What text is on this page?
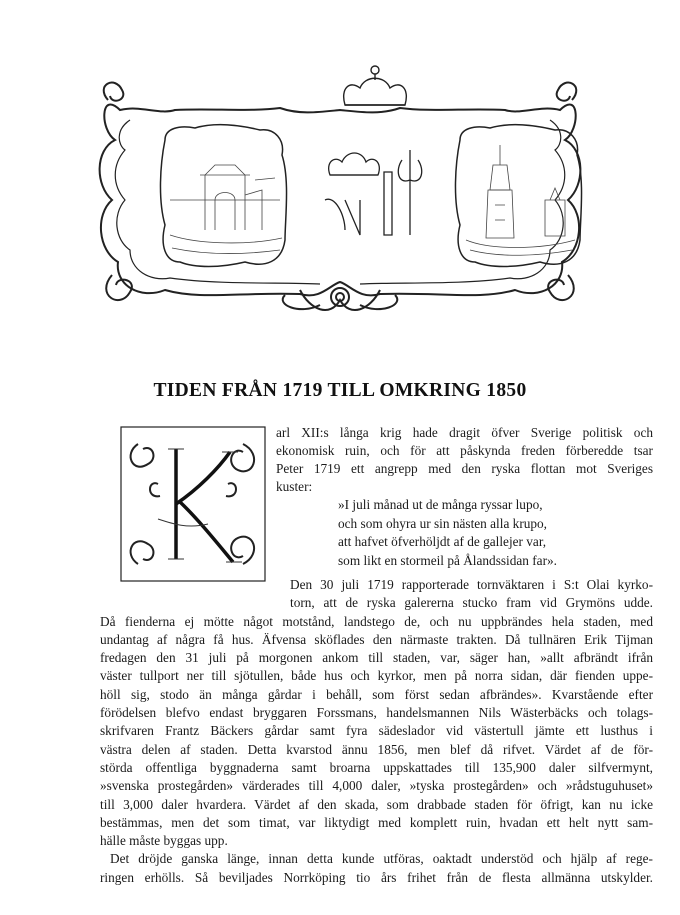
TIDEN FRÅN 1719 TILL OMKRING 1850
arl XII:s långa krig hade dragit öfver Sverige politisk och
ekonomisk ruin, och för att påskynda freden förberedde tsar
Peter 1719 ett angrepp med den ryska flottan mot Sveriges
kuster:
»I juli månad ut de många ryssar lupo,
och som ohyra ur sin nästen alla krupo,
att hafvet öfverhöljdt af de gallejer var,
som likt en stormeil på Ålandssidan far».
Den 30 juli 1719 rapporterade tornväktaren i S:t Olai kyrko-
torn, att de ryska galererna stucko fram vid Grymöns udde.
Då fienderna ej mötte något motstånd, landstego de, och nu uppbrändes hela staden, med
undantag af några få hus. Äfvensa sköflades den närmaste trakten. Då tullnären Erik Tijman
fredagen den 31 juli på morgonen ankom till staden, var, säger han, »allt afbrändt ifrån
väster tullport ner till sjötullen, både hus och kyrkor, men på norra sidan, där fienden uppe-
höll sig, stodo än många gårdar i behåll, som först sedan afbrändes». Kvarstående efter
förödelsen blefvo endast bryggaren Forssmans, handelsmannen Nils Wästerbäcks och tolags-
skrifvaren Frantz Bäckers gårdar samt fyra sädeslador vid västertull jämte ett lusthus i
västra delen af staden. Detta kvarstod ännu 1856, men blef då rifvet. Värdet af de för-
störda offentliga byggnaderna samt broarna uppskattades till 135,900 daler silfvermynt,
»svenska prostegården» värderades till 4,000 daler, »tyska prostegården» och »rådstuguhuset»
till 3,000 daler hvardera. Värdet af den skada, som drabbade staden för öfrigt, kan nu icke
bestämmas, men det som timat, var liktydigt med komplett ruin, hvadan ett helt nytt sam-
hälle måste byggas upp.
Det dröjde ganska länge, innan detta kunde utföras, oaktadt understöd och hjälp af rege-
ringen erhölls. Så beviljades Norrköping tio års frihet från de flesta allmänna utskylder.
